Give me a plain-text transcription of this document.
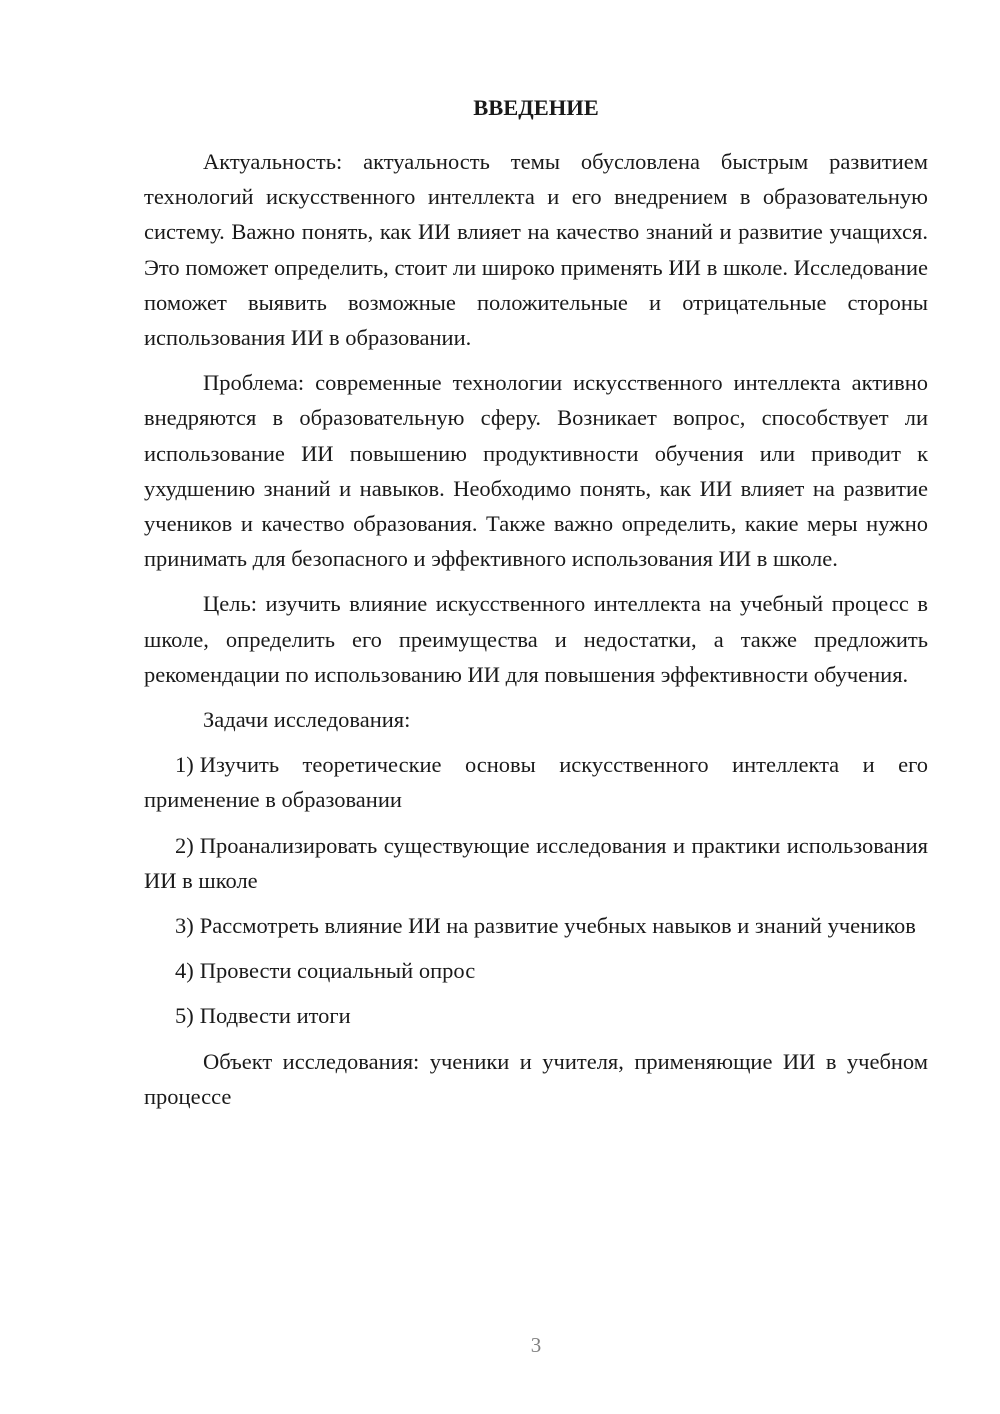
ВВЕДЕНИЕ

Актуальность: актуальность темы обусловлена быстрым развитием технологий искусственного интеллекта и его внедрением в образовательную систему. Важно понять, как ИИ влияет на качество знаний и развитие учащихся. Это поможет определить, стоит ли широко применять ИИ в школе. Исследование поможет выявить возможные положительные и отрицательные стороны использования ИИ в образовании.

Проблема: современные технологии искусственного интеллекта активно внедряются в образовательную сферу. Возникает вопрос, способствует ли использование ИИ повышению продуктивности обучения или приводит к ухудшению знаний и навыков. Необходимо понять, как ИИ влияет на развитие учеников и качество образования. Также важно определить, какие меры нужно принимать для безопасного и эффективного использования ИИ в школе.

Цель: изучить влияние искусственного интеллекта на учебный процесс в школе, определить его преимущества и недостатки, а также предложить рекомендации по использованию ИИ для повышения эффективности обучения.

Задачи исследования:

1) Изучить теоретические основы искусственного интеллекта и его применение в образовании

2) Проанализировать существующие исследования и практики использования ИИ в школе

3) Рассмотреть влияние ИИ на развитие учебных навыков и знаний учеников

4) Провести социальный опрос

5) Подвести итоги

Объект исследования: ученики и учителя, применяющие ИИ в учебном процессе

3
